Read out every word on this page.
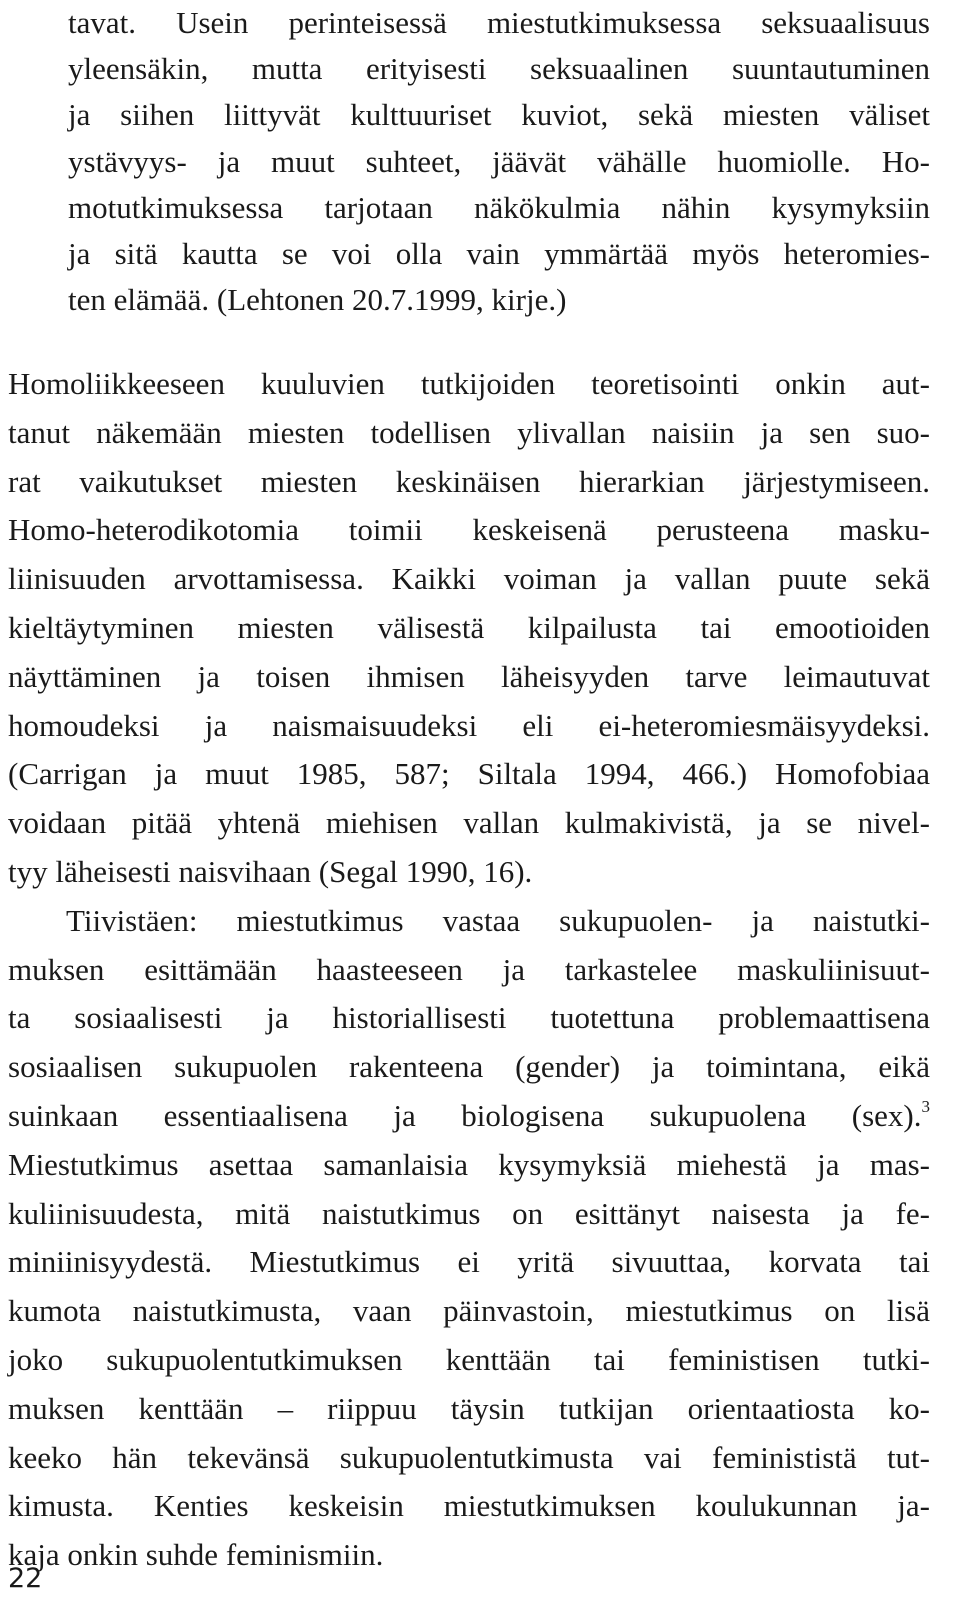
tavat. Usein perinteisessä miestutkimuksessa seksuaalisuus
yleensäkin, mutta erityisesti seksuaalinen suuntautuminen
ja siihen liittyvät kulttuuriset kuviot, sekä miesten väliset
ystävyys- ja muut suhteet, jäävät vähälle huomiolle. Ho-
motutkimuksessa tarjotaan näkökulmia nähin kysymyksiin
ja sitä kautta se voi olla vain ymmärtää myös heteromies-
ten elämää. (Lehtonen 20.7.1999, kirje.)
Homoliikkeeseen kuuluvien tutkijoiden teoretisointi onkin aut-
tanut näkemään miesten todellisen ylivallan naisiin ja sen suo-
rat vaikutukset miesten keskinäisen hierarkian järjestymiseen.
Homo-heterodikotomia toimii keskeisenä perusteena masku-
liinisuuden arvottamisessa. Kaikki voiman ja vallan puute sekä
kieltäytyminen miesten välisestä kilpailusta tai emootioiden
näyttäminen ja toisen ihmisen läheisyyden tarve leimautuvat
homoudeksi ja naismaisuudeksi eli ei-heteromiesmäisyydeksi.
(Carrigan ja muut 1985, 587; Siltala 1994, 466.) Homofobiaa
voidaan pitää yhtenä miehisen vallan kulmakivistä, ja se nivel-
tyy läheisesti naisvihaan (Segal 1990, 16).
Tiivistäen: miestutkimus vastaa sukupuolen- ja naistutki-
muksen esittämään haasteeseen ja tarkastelee maskuliinisuut-
ta sosiaalisesti ja historiallisesti tuotettuna problemaattisena
sosiaalisen sukupuolen rakenteena (gender) ja toimintana, eikä
suinkaan essentiaalisena ja biologisena sukupuolena (sex).$^3$
Miestutkimus asettaa samanlaisia kysymyksiä miehestä ja mas-
kuliinisuudesta, mitä naistutkimus on esittänyt naisesta ja fe-
miniinisyydestä. Miestutkimus ei yritä sivuuttaa, korvata tai
kumota naistutkimusta, vaan päinvastoin, miestutkimus on lisä
joko sukupuolentutkimuksen kenttään tai feministisen tutki-
muksen kenttään – riippuu täysin tutkijan orientaatiosta ko-
keeko hän tekevänsä sukupuolentutkimusta vai feminististä tut-
kimusta. Kenties keskeisin miestutkimuksen koulukunnan ja-
kaja onkin suhde feminismiin.
22
